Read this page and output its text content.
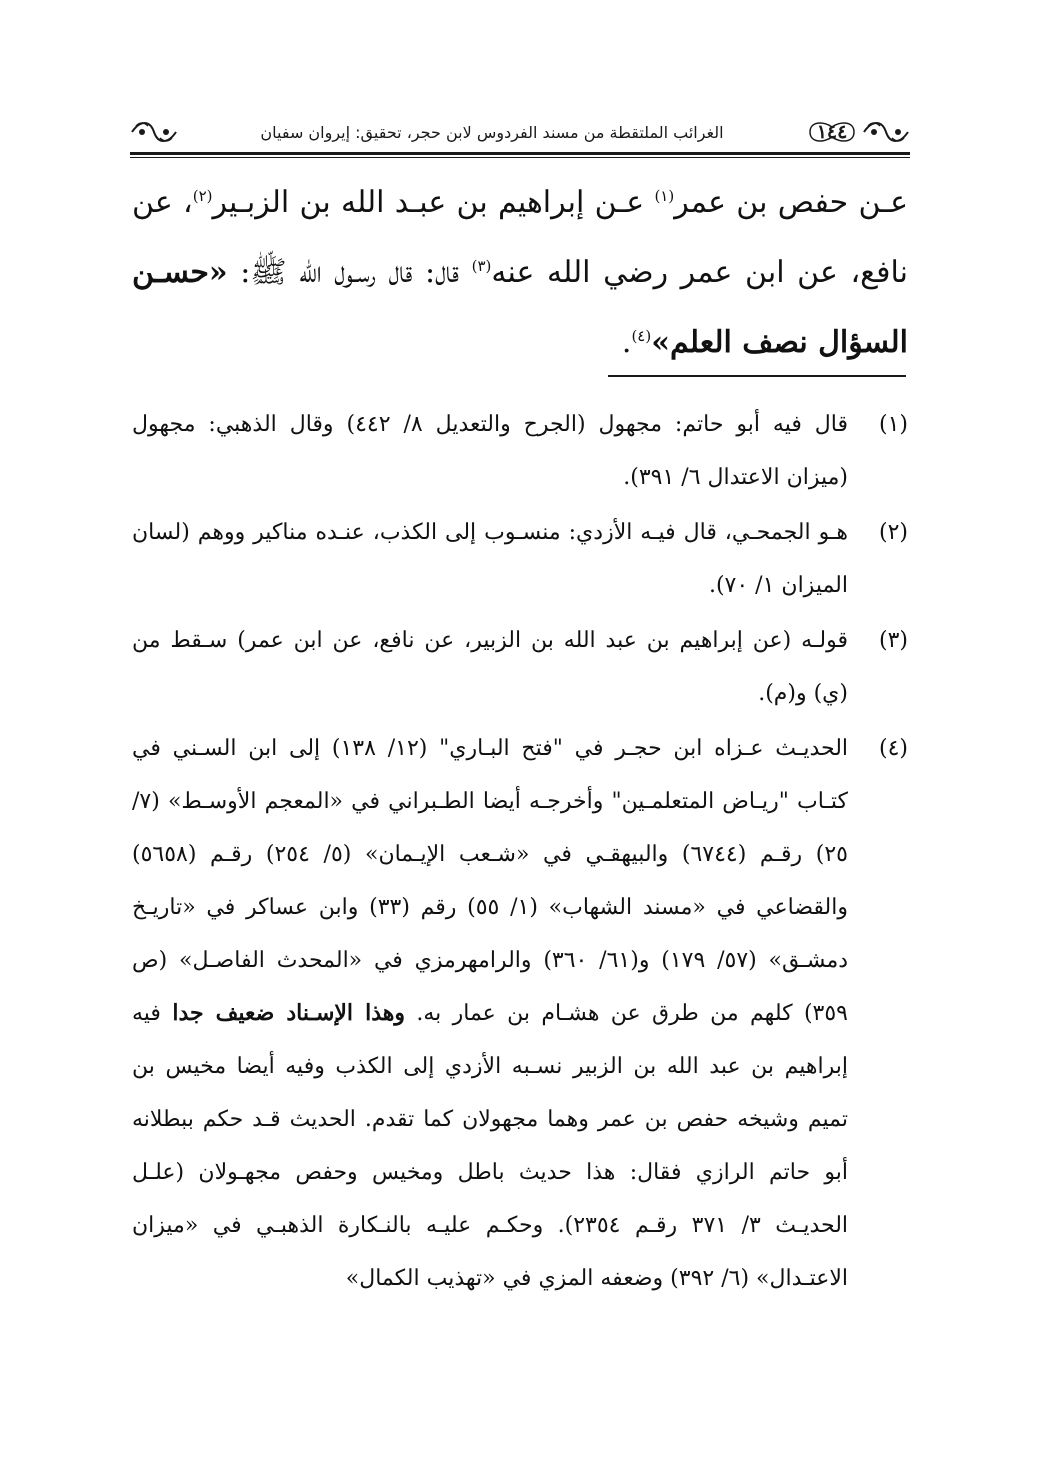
١٤٤
الغرائب الملتقطة من مسند الفردوس لابن حجر، تحقيق: إيروان سفيان
عـن حفص بن عمر$^{(١)}$ عـن إبراهيم بن عبـد الله بن الزبـير$^{(٢)}$، عن نافع، عن ابن عمر رضي الله عنه$^{(٣)}$ قال: قال رسـول الله ﷺ: «حسـن السؤال نصف العلم»$^{(٤)}$.
(١)
قال فيه أبو حاتم: مجهول (الجرح والتعديل ٨/ ٤٤٢) وقال الذهبي: مجهول (ميزان الاعتدال ٦/ ٣٩١).
(٢)
هـو الجمحـي، قال فيـه الأزدي: منسـوب إلى الكذب، عنـده مناكير ووهم (لسان الميزان ١/ ٧٠).
(٣)
قولـه (عن إبراهيم بن عبد الله بن الزبير، عن نافع، عن ابن عمر) سـقط من (ي) و(م).
(٤)
الحديـث عـزاه ابن حجـر في "فتح البـاري" (١٢/ ١٣٨) إلى ابن السـني في كتـاب "ريـاض المتعلمـين" وأخرجـه أيضا الطـبراني في «المعجم الأوسـط» (٧/ ٢٥) رقـم (٦٧٤٤) والبيهقـي في «شـعب الإيـمان» (٥/ ٢٥٤) رقـم (٥٦٥٨) والقضاعي في «مسند الشهاب» (١/ ٥٥) رقم (٣٣) وابن عساكر في «تاريـخ دمشـق» (٥٧/ ١٧٩) و(٦١/ ٣٦٠) والرامهرمزي في «المحدث الفاصـل» (ص ٣٥٩) كلهم من طرق عن هشـام بن عمار به. وهذا الإسـناد ضعيف جدا فيه إبراهيم بن عبد الله بن الزبير نسـبه الأزدي إلى الكذب وفيه أيضا مخيس بن تميم وشيخه حفص بن عمر وهما مجهولان كما تقدم. الحديث قـد حكم ببطلانه أبو حاتم الرازي فقال: هذا حديث باطل ومخيس وحفص مجهـولان (علـل الحديـث ٣/ ٣٧١ رقـم ٢٣٥٤). وحكـم عليـه بالنـكارة الذهبـي في «ميزان الاعتـدال» (٦/ ٣٩٢) وضعفه المزي في «تهذيب الكمال»
